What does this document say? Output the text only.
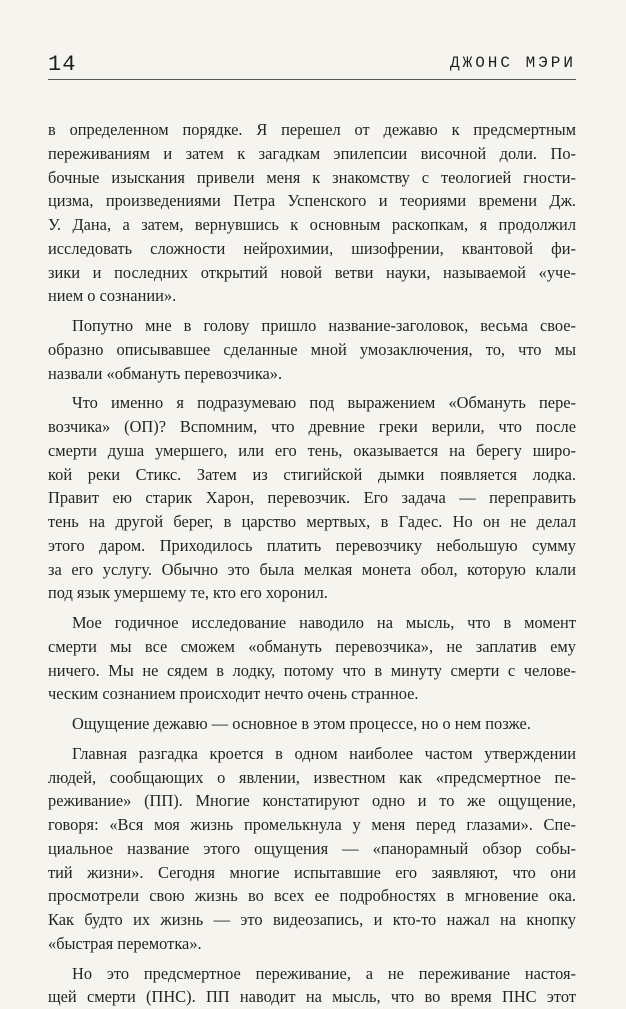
14	ДЖОНС МЭРИ
в определенном порядке. Я перешел от дежавю к предсмертным
переживаниям и затем к загадкам эпилепсии височной доли. По-
бочные изыскания привели меня к знакомству с теологией гности-
цизма, произведениями Петра Успенского и теориями времени Дж.
У. Дана, а затем, вернувшись к основным раскопкам, я продолжил
исследовать сложности нейрохимии, шизофрении, квантовой фи-
зики и последних открытий новой ветви науки, называемой «уче-
нием о сознании».
Попутно мне в голову пришло название-заголовок, весьма свое-
образно описывавшее сделанные мной умозаключения, то, что мы
назвали «обмануть перевозчика».
Что именно я подразумеваю под выражением «Обмануть пере-
возчика» (ОП)? Вспомним, что древние греки верили, что после
смерти душа умершего, или его тень, оказывается на берегу широ-
кой реки Стикс. Затем из стигийской дымки появляется лодка.
Правит ею старик Харон, перевозчик. Его задача — переправить
тень на другой берег, в царство мертвых, в Гадес. Но он не делал
этого даром. Приходилось платить перевозчику небольшую сумму
за его услугу. Обычно это была мелкая монета обол, которую клали
под язык умершему те, кто его хоронил.
Мое годичное исследование наводило на мысль, что в момент
смерти мы все сможем «обмануть перевозчика», не заплатив ему
ничего. Мы не сядем в лодку, потому что в минуту смерти с челове-
ческим сознанием происходит нечто очень странное.
Ощущение дежавю — основное в этом процессе, но о нем позже.
Главная разгадка кроется в одном наиболее частом утверждении
людей, сообщающих о явлении, известном как «предсмертное пе-
реживание» (ПП). Многие констатируют одно и то же ощущение,
говоря: «Вся моя жизнь промелькнула у меня перед глазами». Спе-
циальное название этого ощущения — «панорамный обзор собы-
тий жизни». Сегодня многие испытавшие его заявляют, что они
просмотрели свою жизнь во всех ее подробностях в мгновение ока.
Как будто их жизнь — это видеозапись, и кто-то нажал на кнопку
«быстрая перемотка».
Но это предсмертное переживание, а не переживание настоя-
щей смерти (ПНС). ПП наводит на мысль, что во время ПНС этот
